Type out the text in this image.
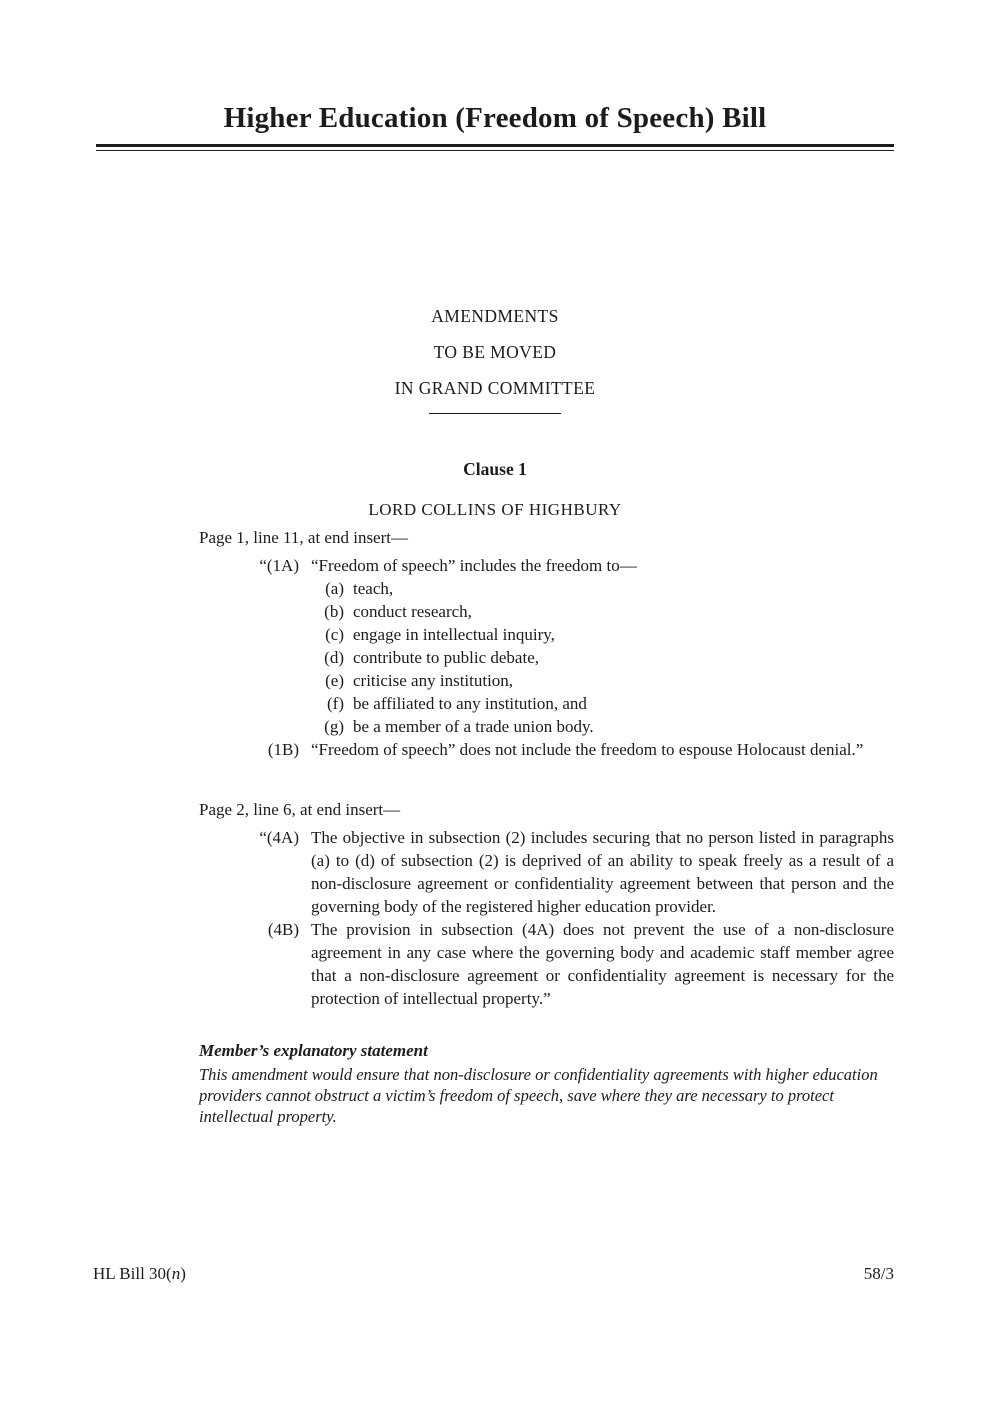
Higher Education (Freedom of Speech) Bill

AMENDMENTS

TO BE MOVED

IN GRAND COMMITTEE

Clause 1

LORD COLLINS OF HIGHBURY

Page 1, line 11, at end insert—

“(1A) “Freedom of speech” includes the freedom to—
(a) teach,
(b) conduct research,
(c) engage in intellectual inquiry,
(d) contribute to public debate,
(e) criticise any institution,
(f) be affiliated to any institution, and
(g) be a member of a trade union body.
(1B) “Freedom of speech” does not include the freedom to espouse Holocaust denial.”

Page 2, line 6, at end insert—

“(4A) The objective in subsection (2) includes securing that no person listed in paragraphs (a) to (d) of subsection (2) is deprived of an ability to speak freely as a result of a non-disclosure agreement or confidentiality agreement between that person and the governing body of the registered higher education provider.
(4B) The provision in subsection (4A) does not prevent the use of a non-disclosure agreement in any case where the governing body and academic staff member agree that a non-disclosure agreement or confidentiality agreement is necessary for the protection of intellectual property.”

Member’s explanatory statement

This amendment would ensure that non-disclosure or confidentiality agreements with higher education providers cannot obstruct a victim’s freedom of speech, save where they are necessary to protect intellectual property.

HL Bill 30(n)	58/3
